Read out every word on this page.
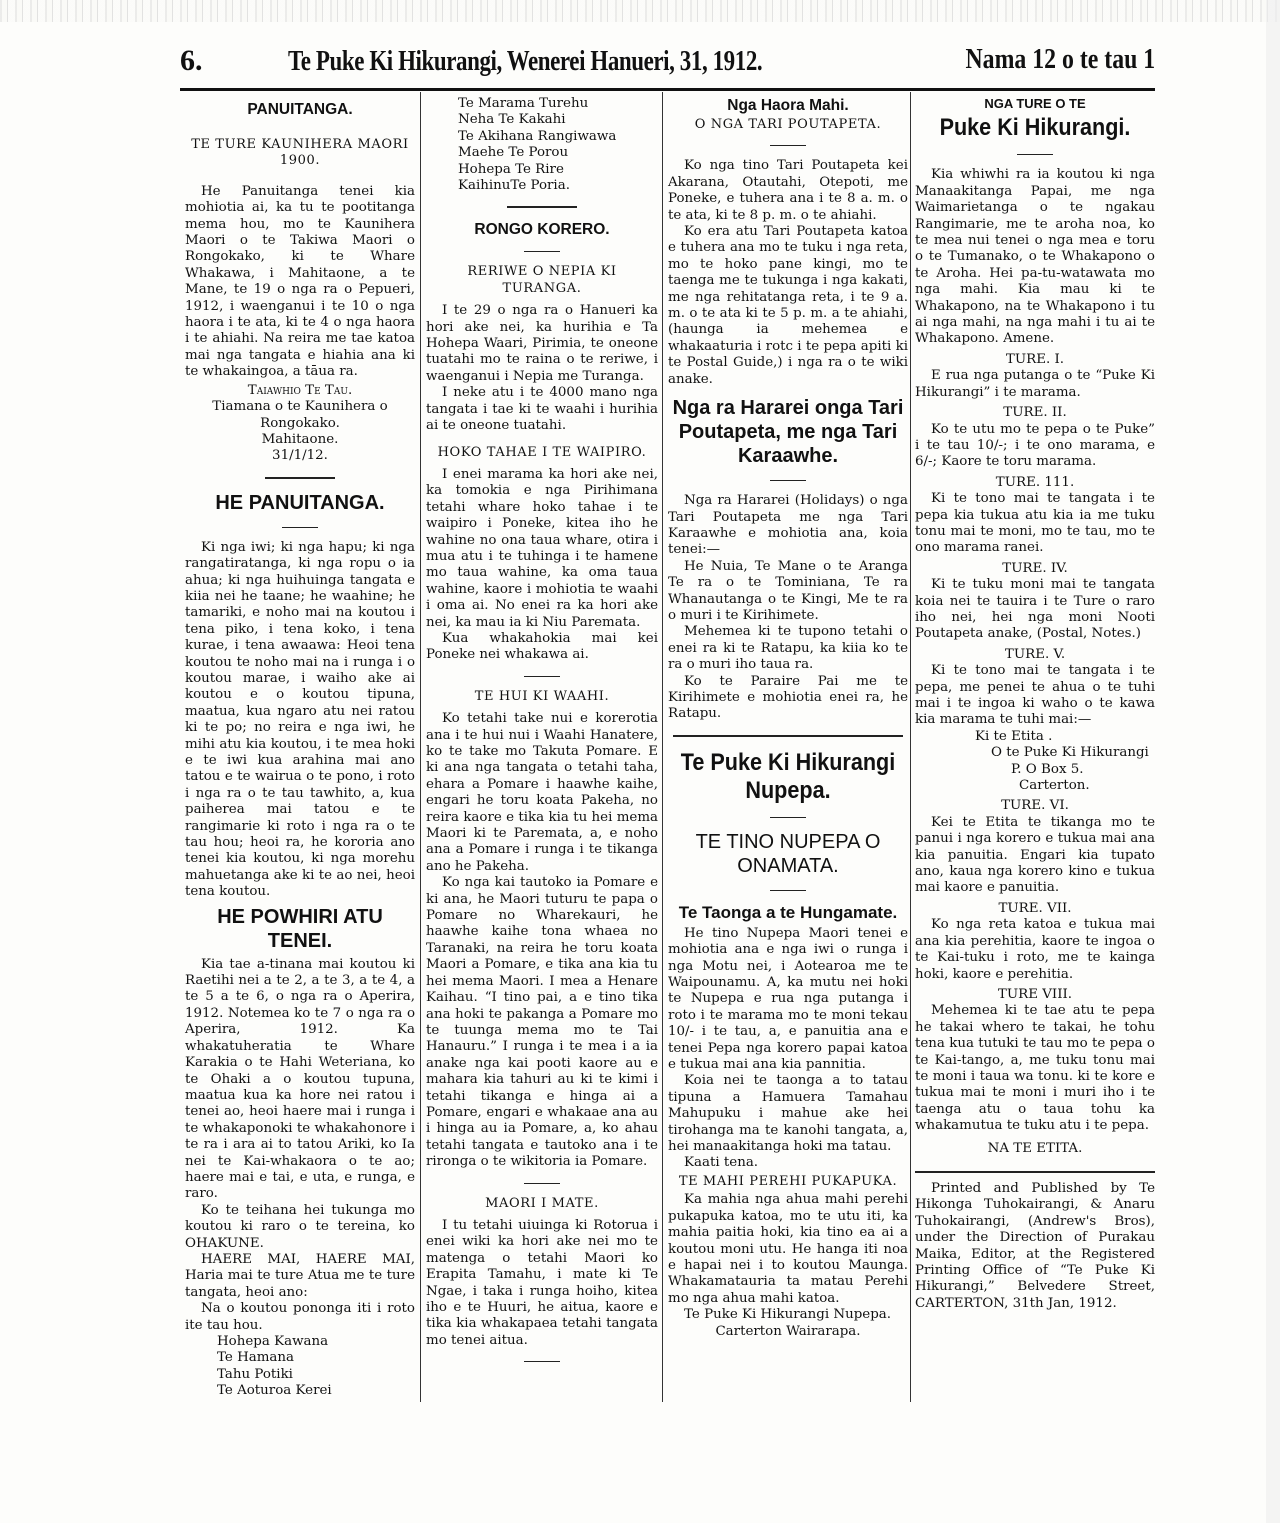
6.	Te Puke Ki Hikurangi, Wenerei Hanueri, 31, 1912.	Nama 12 o te tau 1
PANUITANGA.
TE TURE KAUNIHERA MAORI 1900.

He Panuitanga tenei kia mohiotia ai, ka tu te pootitanga mema hou, mo te Kaunihera Maori o te Takiwa Maori o Rongokako, ki te Whare Whakawa, i Mahitaone, a te Mane, te 19 o nga ra o Pepueri, 1912, i waenganui i te 10 o nga haora i te ata, ki te 4 o nga haora i te ahiahi. Na reira me tae katoa mai nga tangata e hiahia ana ki te whakaingoa, a tāua ra.

Taiawhio Te Tau.

Tiamana o te Kaunihera o Rongokako.

Mahitaone.

31/1/12.

HE PANUITANGA.

Ki nga iwi; ki nga hapu; ki nga rangatiratanga, ki nga ropu o ia ahua; ki nga huihuinga tangata e kiia nei he taane; he waahine; he tamariki, e noho mai na koutou i tena piko, i tena koko, i tena kurae, i tena awaawa: Heoi tena koutou te noho mai na i runga i o koutou marae, i waiho ake ai koutou e o koutou tipuna, maatua, kua ngaro atu nei ratou ki te po; no reira e nga iwi, he mihi atu kia koutou, i te mea hoki e te iwi kua arahina mai ano tatou e te wairua o te pono, i roto i nga ra o te tau tawhito, a, kua paiherea mai tatou e te rangimarie ki roto i nga ra o te tau hou; heoi ra, he kororia ano tenei kia koutou, ki nga morehu mahuetanga ake ki te ao nei, heoi tena koutou.

HE POWHIRI ATU TENEI.

Kia tae a-tinana mai koutou ki Raetihi nei a te 2, a te 3, a te 4, a te 5 a te 6, o nga ra o Aperira, 1912. Notemea ko te 7 o nga ra o Aperira, 1912. Ka whakatuheratia te Whare Karakia o te Hahi Weteriana, ko te Ohaki a o koutou tupuna, maatua kua ka hore nei ratou i tenei ao, heoi haere mai i runga i te whakaponoki te whakahonore i te ra i ara ai to tatou Ariki, ko Ia nei te Kai-whakaora o te ao; haere mai e tai, e uta, e runga, e raro.

Ko te teihana hei tukunga mo koutou ki raro o te tereina, ko OHAKUNE.

HAERE MAI, HAERE MAI, Haria mai te ture Atua me te ture tangata, heoi ano:

Na o koutou pononga iti i roto ite tau hou.

Hohepa Kawana

Te Hamana

Tahu Potiki

Te Aoturoa Kerei

Te Marama Turehu

Neha Te Kakahi

Te Akihana Rangiwawa

Maehe Te Porou

Hohepa Te Rire

KaihinuTe Poria.

RONGO KORERO.
RERIWE O NEPIA KI TURANGA.

I te 29 o nga ra o Hanueri ka hori ake nei, ka hurihia e Ta Hohepa Waari, Pirimia, te oneone tuatahi mo te raina o te reriwe, i waenganui i Nepia me Turanga.

I neke atu i te 4000 mano nga tangata i tae ki te waahi i hurihia ai te oneone tuatahi.

HOKO TAHAE I TE WAIPIRO.

I enei marama ka hori ake nei, ka tomokia e nga Pirihimana tetahi whare hoko tahae i te waipiro i Poneke, kitea iho he wahine no ona taua whare, otira i mua atu i te tuhinga i te hamene mo taua wahine, ka oma taua wahine, kaore i mohiotia te waahi i oma ai. No enei ra ka hori ake nei, ka mau ia ki Niu Paremata.

Kua whakahokia mai kei Poneke nei whakawa ai.

TE HUI KI WAAHI.

Ko tetahi take nui e korerotia ana i te hui nui i Waahi Hanatere, ko te take mo Takuta Pomare. E ki ana nga tangata o tetahi taha, ehara a Pomare i haawhe kaihe, engari he toru koata Pakeha, no reira kaore e tika kia tu hei mema Maori ki te Paremata, a, e noho ana a Pomare i runga i te tikanga ano he Pakeha.

Ko nga kai tautoko ia Pomare e ki ana, he Maori tuturu te papa o Pomare no Wharekauri, he haawhe kaihe tona whaea no Taranaki, na reira he toru koata Maori a Pomare, e tika ana kia tu hei mema Maori. I mea a Henare Kaihau. “I tino pai, a e tino tika ana hoki te pakanga a Pomare mo te tuunga mema mo te Tai Hanauru.” I runga i te mea i a ia anake nga kai pooti kaore au e mahara kia tahuri au ki te kimi i tetahi tikanga e hinga ai a Pomare, engari e whakaae ana au i hinga au ia Pomare, a, ko ahau tetahi tangata e tautoko ana i te rironga o te wikitoria ia Pomare.

MAORI I MATE.

I tu tetahi uiuinga ki Rotorua i enei wiki ka hori ake nei mo te matenga o tetahi Maori ko Erapita Tamahu, i mate ki Te Ngae, i taka i runga hoiho, kitea iho e te Huuri, he aitua, kaore e tika kia whakapaea tetahi tangata mo tenei aitua.

Nga Haora Mahi.
O NGA TARI POUTAPETA.

Ko nga tino Tari Poutapeta kei Akarana, Otautahi, Otepoti, me Poneke, e tuhera ana i te 8 a. m. o te ata, ki te 8 p. m. o te ahiahi.

Ko era atu Tari Poutapeta katoa e tuhera ana mo te tuku i nga reta, mo te hoko pane kingi, mo te taenga me te tukunga i nga kakati, me nga rehitatanga reta, i te 9 a. m. o te ata ki te 5 p. m. a te ahiahi, (haunga ia mehemea e whakaaturia i rotc i te pepa apiti ki te Postal Guide,) i nga ra o te wiki anake.

Nga ra Hararei onga Tari Poutapeta, me nga Tari Karaawhe.

Nga ra Hararei (Holidays) o nga Tari Poutapeta me nga Tari Karaawhe e mohiotia ana, koia tenei:—

He Nuia, Te Mane o te Aranga Te ra o te Tominiana, Te ra Whanautanga o te Kingi, Me te ra o muri i te Kirihimete.

Mehemea ki te tupono tetahi o enei ra ki te Ratapu, ka kiia ko te ra o muri iho taua ra.

Ko te Paraire Pai me te Kirihimete e mohiotia enei ra, he Ratapu.

Te Puke Ki Hikurangi Nupepa.
TE TINO NUPEPA O ONAMATA.
Te Taonga a te Hungamate.

He tino Nupepa Maori tenei e mohiotia ana e nga iwi o runga i nga Motu nei, i Aotearoa me te Waipounamu. A, ka mutu nei hoki te Nupepa e rua nga putanga i roto i te marama mo te moni tekau 10/- i te tau, a, e panuitia ana e tenei Pepa nga korero papai katoa e tukua mai ana kia pannitia.

Koia nei te taonga a to tatau tipuna a Hamuera Tamahau Mahupuku i mahue ake hei tirohanga ma te kanohi tangata, a, hei manaakitanga hoki ma tatau.

Kaati tena.

TE MAHI PEREHI PUKAPUKA.

Ka mahia nga ahua mahi perehi pukapuka katoa, mo te utu iti, ka mahia paitia hoki, kia tino ea ai a koutou moni utu. He hanga iti noa e hapai nei i to koutou Maunga. Whakamatauria ta matau Perehi mo nga ahua mahi katoa.

Te Puke Ki Hikurangi Nupepa.

Carterton Wairarapa.

NGA TURE O TE
Puke Ki Hikurangi.

Kia whiwhi ra ia koutou ki nga Manaakitanga Papai, me nga Waimarietanga o te ngakau Rangimarie, me te aroha noa, ko te mea nui tenei o nga mea e toru o te Tumanako, o te Whakapono o te Aroha. Hei pa-tu-watawata mo nga mahi. Kia mau ki te Whakapono, na te Whakapono i tu ai nga mahi, na nga mahi i tu ai te Whakapono. Amene.

TURE. I.

E rua nga putanga o te “Puke Ki Hikurangi” i te marama.

TURE. II.

Ko te utu mo te pepa o te Puke” i te tau 10/-; i te ono marama, e 6/-; Kaore te toru marama.

TURE. 111.

Ki te tono mai te tangata i te pepa kia tukua atu kia ia me tuku tonu mai te moni, mo te tau, mo te ono marama ranei.

TURE. IV.

Ki te tuku moni mai te tangata koia nei te tauira i te Ture o raro iho nei, hei nga moni Nooti Poutapeta anake, (Postal, Notes.)

TURE. V.

Ki te tono mai te tangata i te pepa, me penei te ahua o te tuhi mai i te ingoa ki waho o te kawa kia marama te tuhi mai:—

Ki te Etita .

O te Puke Ki Hikurangi

P. O Box 5.

Carterton.

TURE. VI.

Kei te Etita te tikanga mo te panui i nga korero e tukua mai ana kia panuitia. Engari kia tupato ano, kaua nga korero kino e tukua mai kaore e panuitia.

TURE. VII.

Ko nga reta katoa e tukua mai ana kia perehitia, kaore te ingoa o te Kai-tuku i roto, me te kainga hoki, kaore e perehitia.

TURE VIII.

Mehemea ki te tae atu te pepa he takai whero te takai, he tohu tena kua tutuki te tau mo te pepa o te Kai-tango, a, me tuku tonu mai te moni i taua wa tonu. ki te kore e tukua mai te moni i muri iho i te taenga atu o taua tohu ka whakamutua te tuku atu i te pepa.

NA TE ETITA.

Printed and Published by Te Hikonga Tuhokairangi, & Anaru Tuhokairangi, (Andrew's Bros), under the Direction of Purakau Maika, Editor, at the Registered Printing Office of “Te Puke Ki Hikurangi,” Belvedere Street, CARTERTON, 31th Jan, 1912.
